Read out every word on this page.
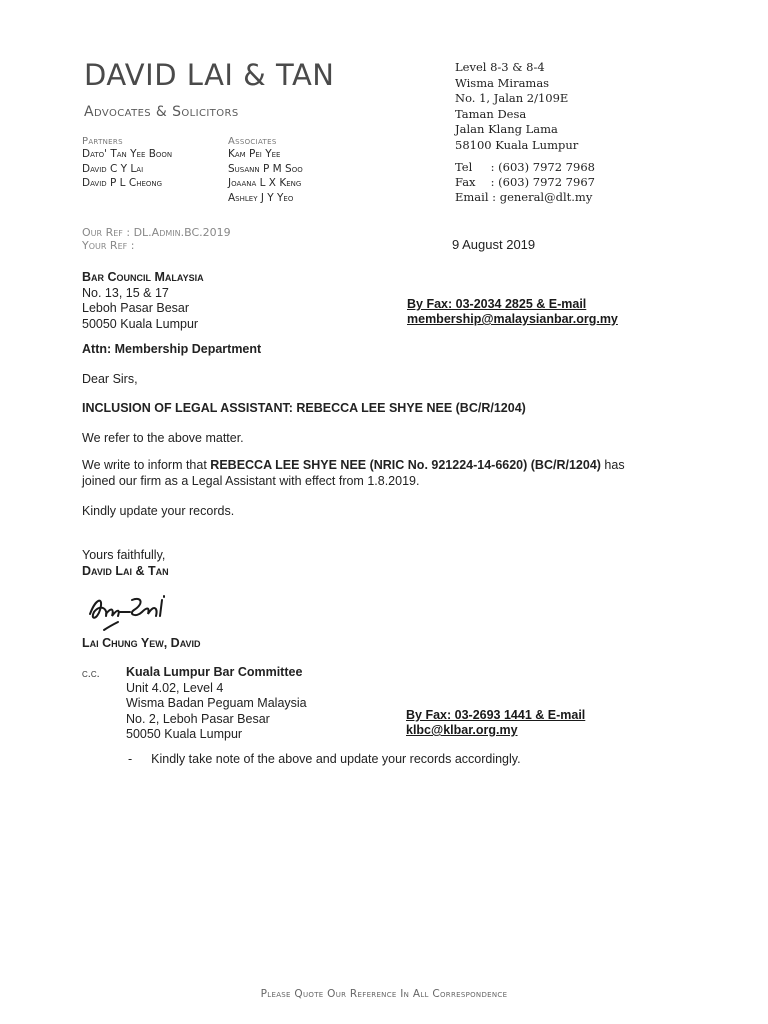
DAVID LAI & TAN
Advocates & Solicitors
Partners
Dato' Tan Yee Boon
David C Y Lai
David P L Cheong
Associates
Kam Pei Yee
Susann P M Soo
Joaana L X Keng
Ashley J Y Yeo
Level 8-3 & 8-4
Wisma Miramas
No. 1, Jalan 2/109E
Taman Desa
Jalan Klang Lama
58100 Kuala Lumpur
Tel : (603) 7972 7968
Fax : (603) 7972 7967
Email : general@dlt.my
Our Ref : DL.Admin.BC.2019
Your Ref :	9 August 2019
Bar Council Malaysia
No. 13, 15 & 17
Leboh Pasar Besar
50050 Kuala Lumpur
By Fax: 03-2034 2825 & E-mail
membership@malaysianbar.org.my
Attn: Membership Department
Dear Sirs,
INCLUSION OF LEGAL ASSISTANT: REBECCA LEE SHYE NEE (BC/R/1204)
We refer to the above matter.
We write to inform that REBECCA LEE SHYE NEE (NRIC No. 921224-14-6620) (BC/R/1204) has
joined our firm as a Legal Assistant with effect from 1.8.2019.
Kindly update your records.
Yours faithfully,
David Lai & Tan
Lai Chung Yew, David
c.c. Kuala Lumpur Bar Committee
Unit 4.02, Level 4
Wisma Badan Peguam Malaysia
No. 2, Leboh Pasar Besar
50050 Kuala Lumpur
By Fax: 03-2693 1441 & E-mail
klbc@klbar.org.my
- Kindly take note of the above and update your records accordingly.
Please Quote Our Reference In All Correspondence
